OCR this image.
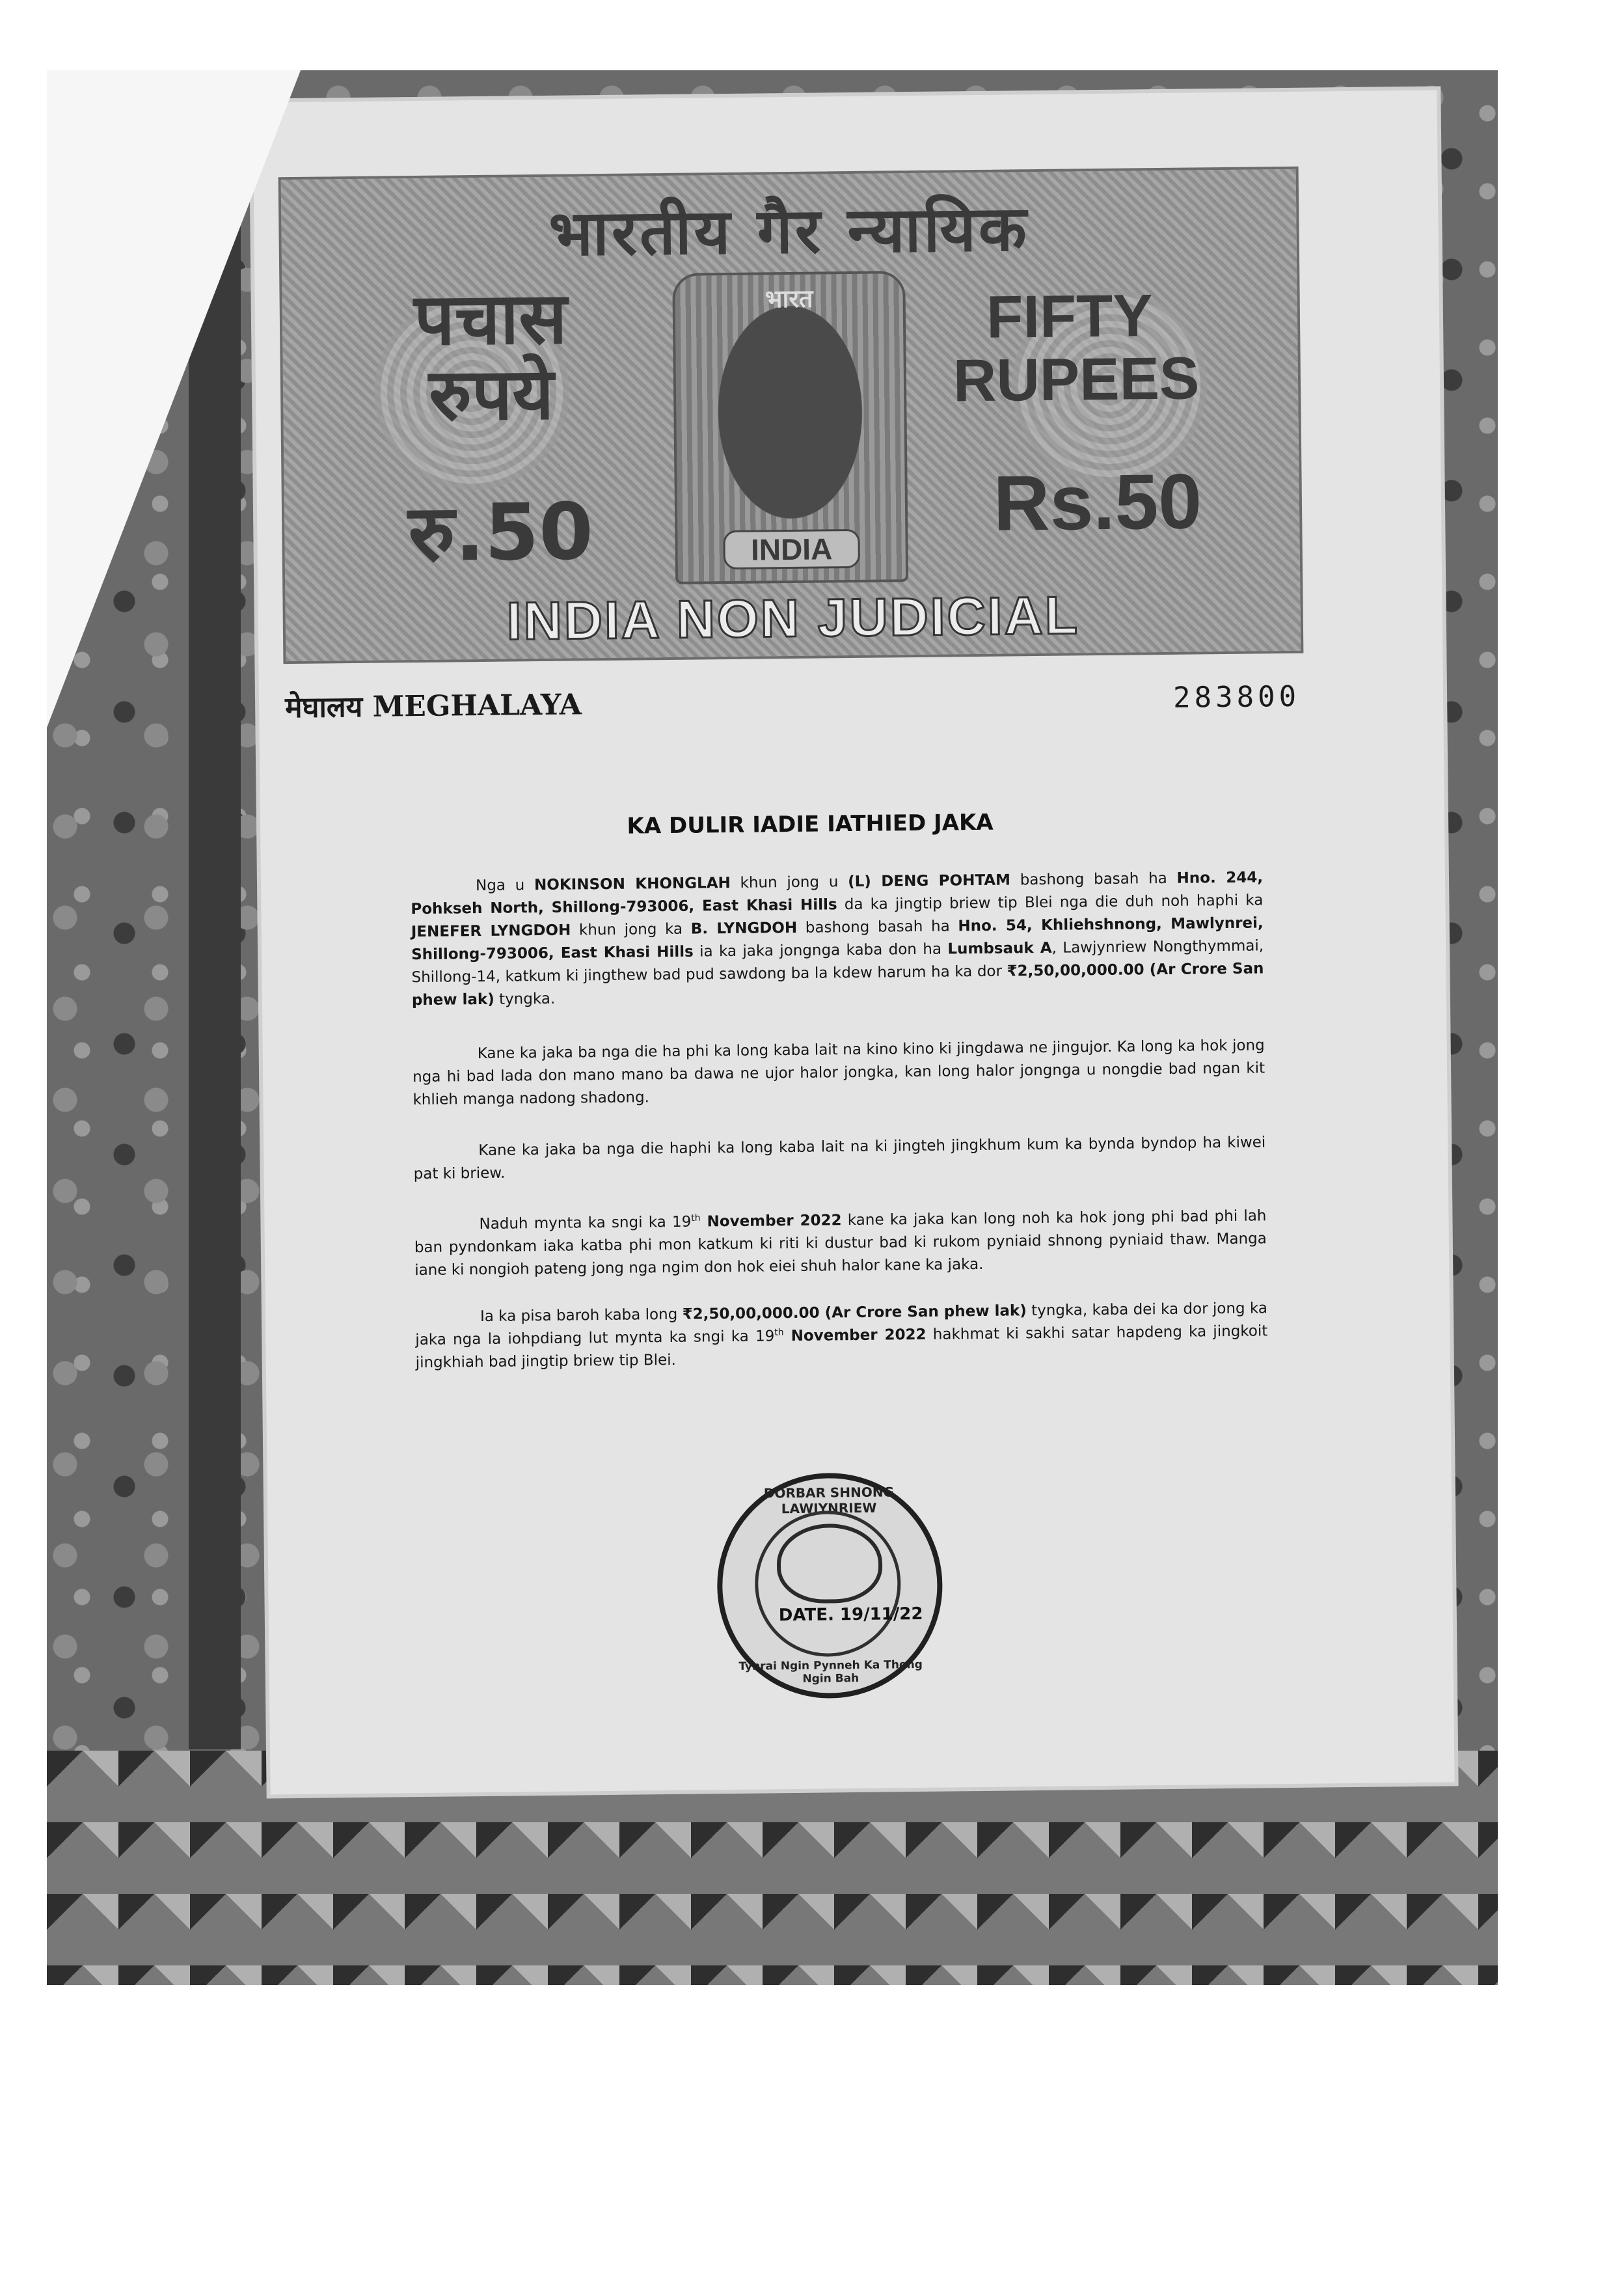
भारतीय गैर न्यायिक
पचास रुपये
रु.50
भारत
INDIA
FIFTY RUPEES
Rs.50
INDIA NON JUDICIAL
मेघालय MEGHALAYA	283800
KA DULIR IADIE IATHIED JAKA
Nga u NOKINSON KHONGLAH khun jong u (L) DENG POHTAM bashong basah ha Hno. 244, Pohkseh North, Shillong-793006, East Khasi Hills da ka jingtip briew tip Blei nga die duh noh haphi ka JENEFER LYNGDOH khun jong ka B. LYNGDOH bashong basah ha Hno. 54, Khliehshnong, Mawlynrei, Shillong-793006, East Khasi Hills ia ka jaka jongnga kaba don ha Lumbsauk A, Lawjynriew Nongthymmai, Shillong-14, katkum ki jingthew bad pud sawdong ba la kdew harum ha ka dor ₹2,50,00,000.00 (Ar Crore San phew lak) tyngka.
Kane ka jaka ba nga die ha phi ka long kaba lait na kino kino ki jingdawa ne jingujor. Ka long ka hok jong nga hi bad lada don mano mano ba dawa ne ujor halor jongka, kan long halor jongnga u nongdie bad ngan kit khlieh manga nadong shadong.
Kane ka jaka ba nga die haphi ka long kaba lait na ki jingteh jingkhum kum ka bynda byndop ha kiwei pat ki briew.
Naduh mynta ka sngi ka 19th November 2022 kane ka jaka kan long noh ka hok jong phi bad phi lah ban pyndonkam iaka katba phi mon katkum ki riti ki dustur bad ki rukom pyniaid shnong pyniaid thaw. Manga iane ki nongioh pateng jong nga ngim don hok eiei shuh halor kane ka jaka.
Ia ka pisa baroh kaba long ₹2,50,00,000.00 (Ar Crore San phew lak) tyngka, kaba dei ka dor jong ka jaka nga la iohpdiang lut mynta ka sngi ka 19th November 2022 hakhmat ki sakhi satar hapdeng ka jingkoit jingkhiah bad jingtip briew tip Blei.
DORBAR SHNONG LAWJYNRIEW
DATE. 19/11/22
Tynrai Ngin Pynneh Ka Thong Ngin Bah
